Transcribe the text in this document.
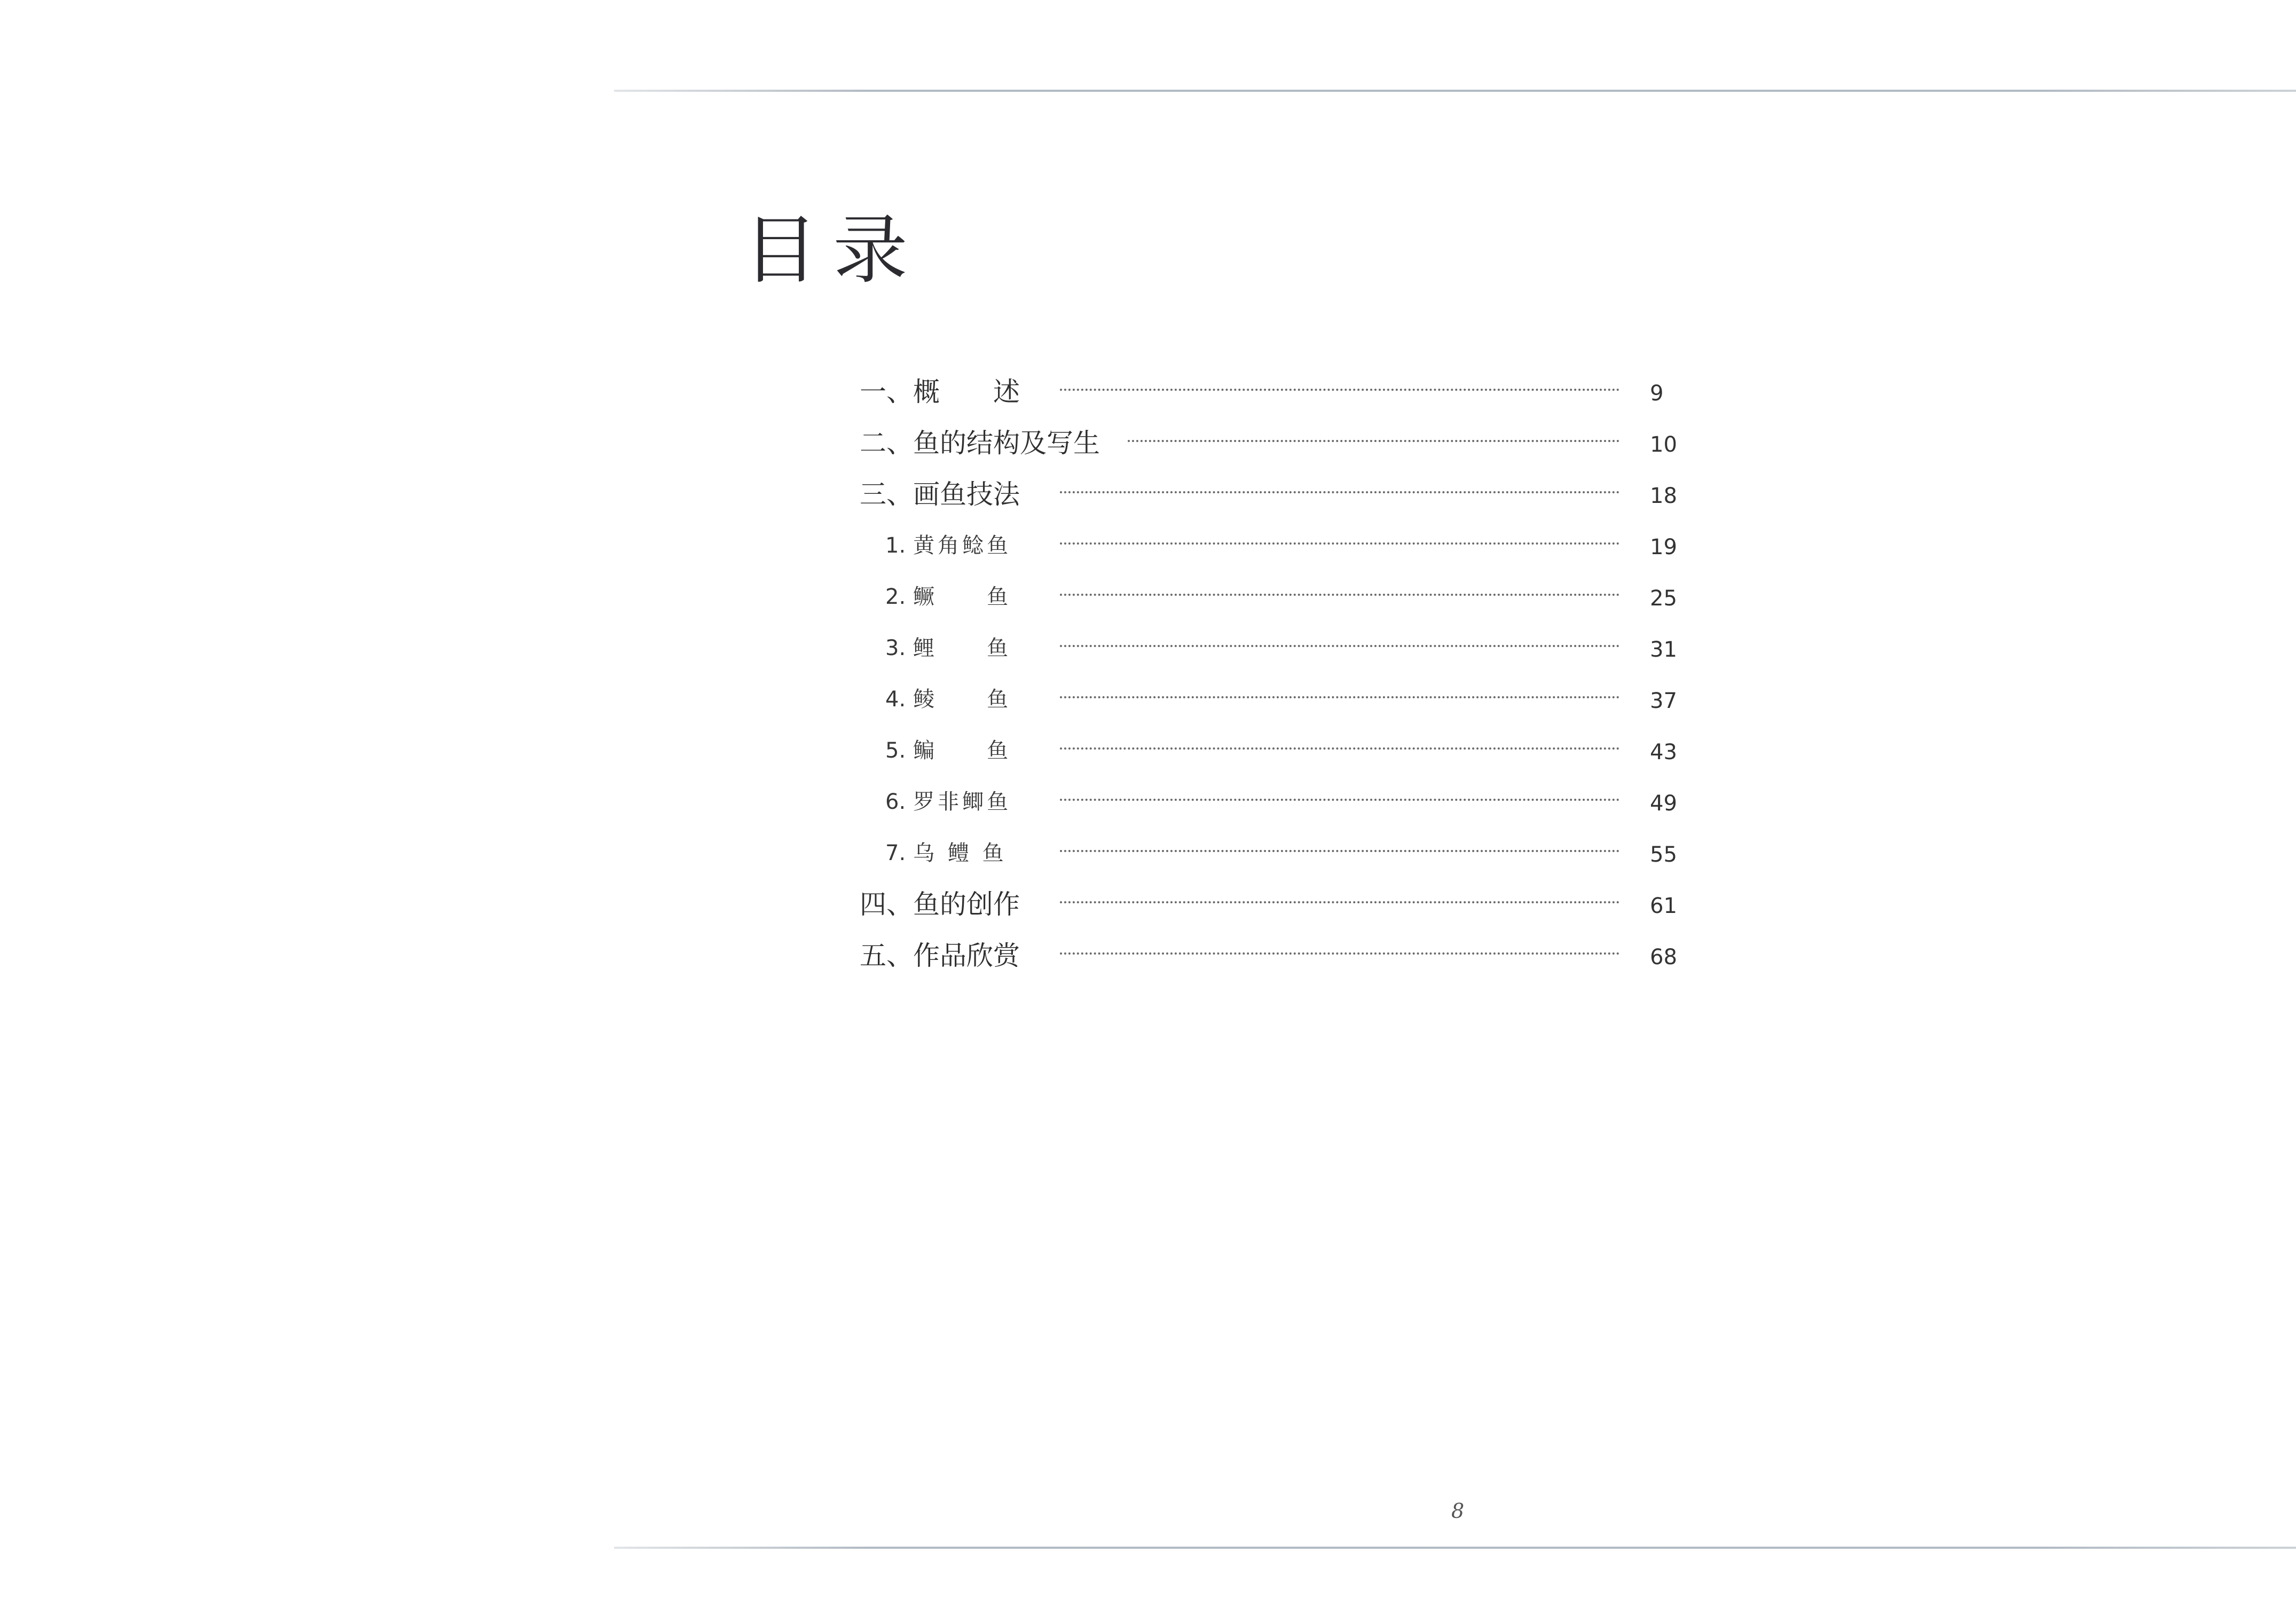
目录
一、概　　述	9
二、鱼的结构及写生	10
三、画鱼技法	18
1. 黄角鲶鱼	19
2. 鳜　　鱼	25
3. 鲤　　鱼	31
4. 鲮　　鱼	37
5. 鳊　　鱼	43
6. 罗非鲫鱼	49
7. 乌 鳢 鱼	55
四、鱼的创作	61
五、作品欣赏	68
8
